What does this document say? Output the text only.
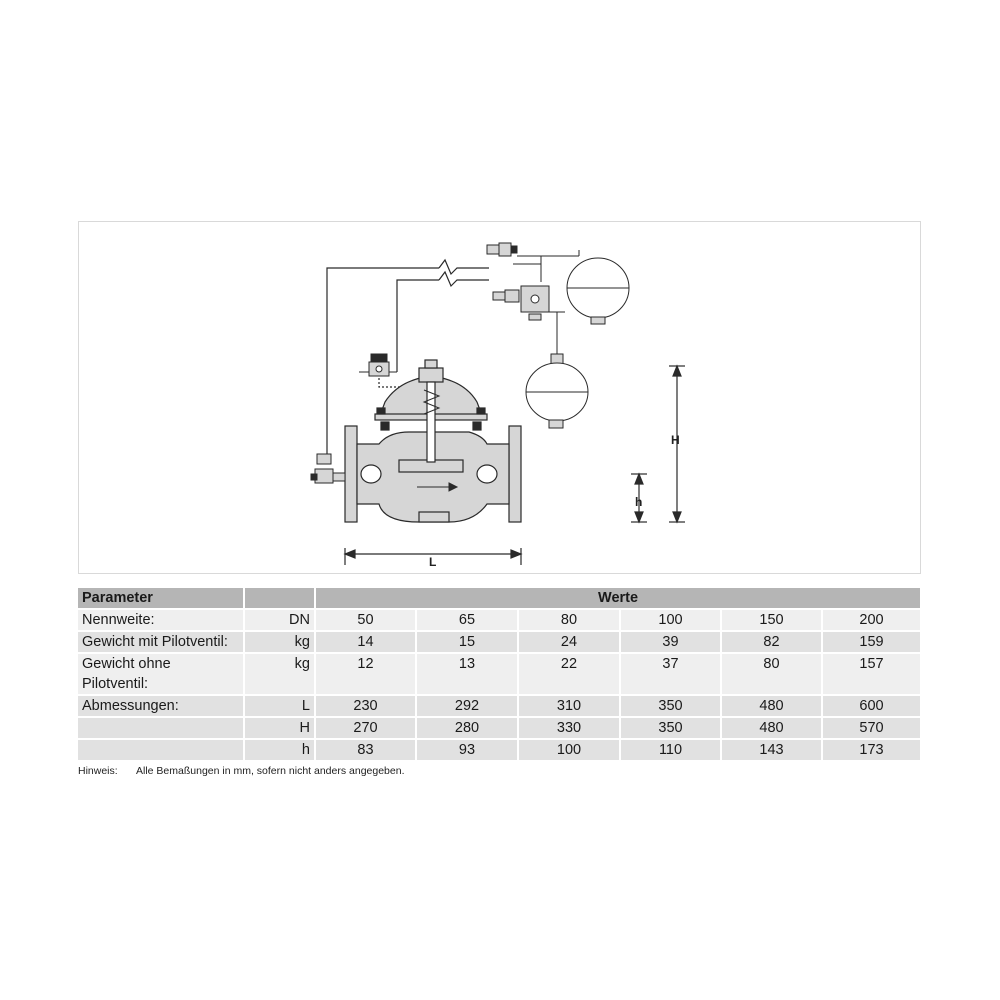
L
H
h
Parameter		Werte					
Nennweite:	DN	50	65	80	100	150	200
Gewicht mit Pilotventil:	kg	14	15	24	39	82	159
Gewicht ohne Pilotventil:	kg	12	13	22	37	80	157
Abmessungen:	L	230	292	310	350	480	600
	H	270	280	330	350	480	570
	h	83	93	100	110	143	173
Hinweis: Alle Bemaßungen in mm, sofern nicht anders angegeben.
